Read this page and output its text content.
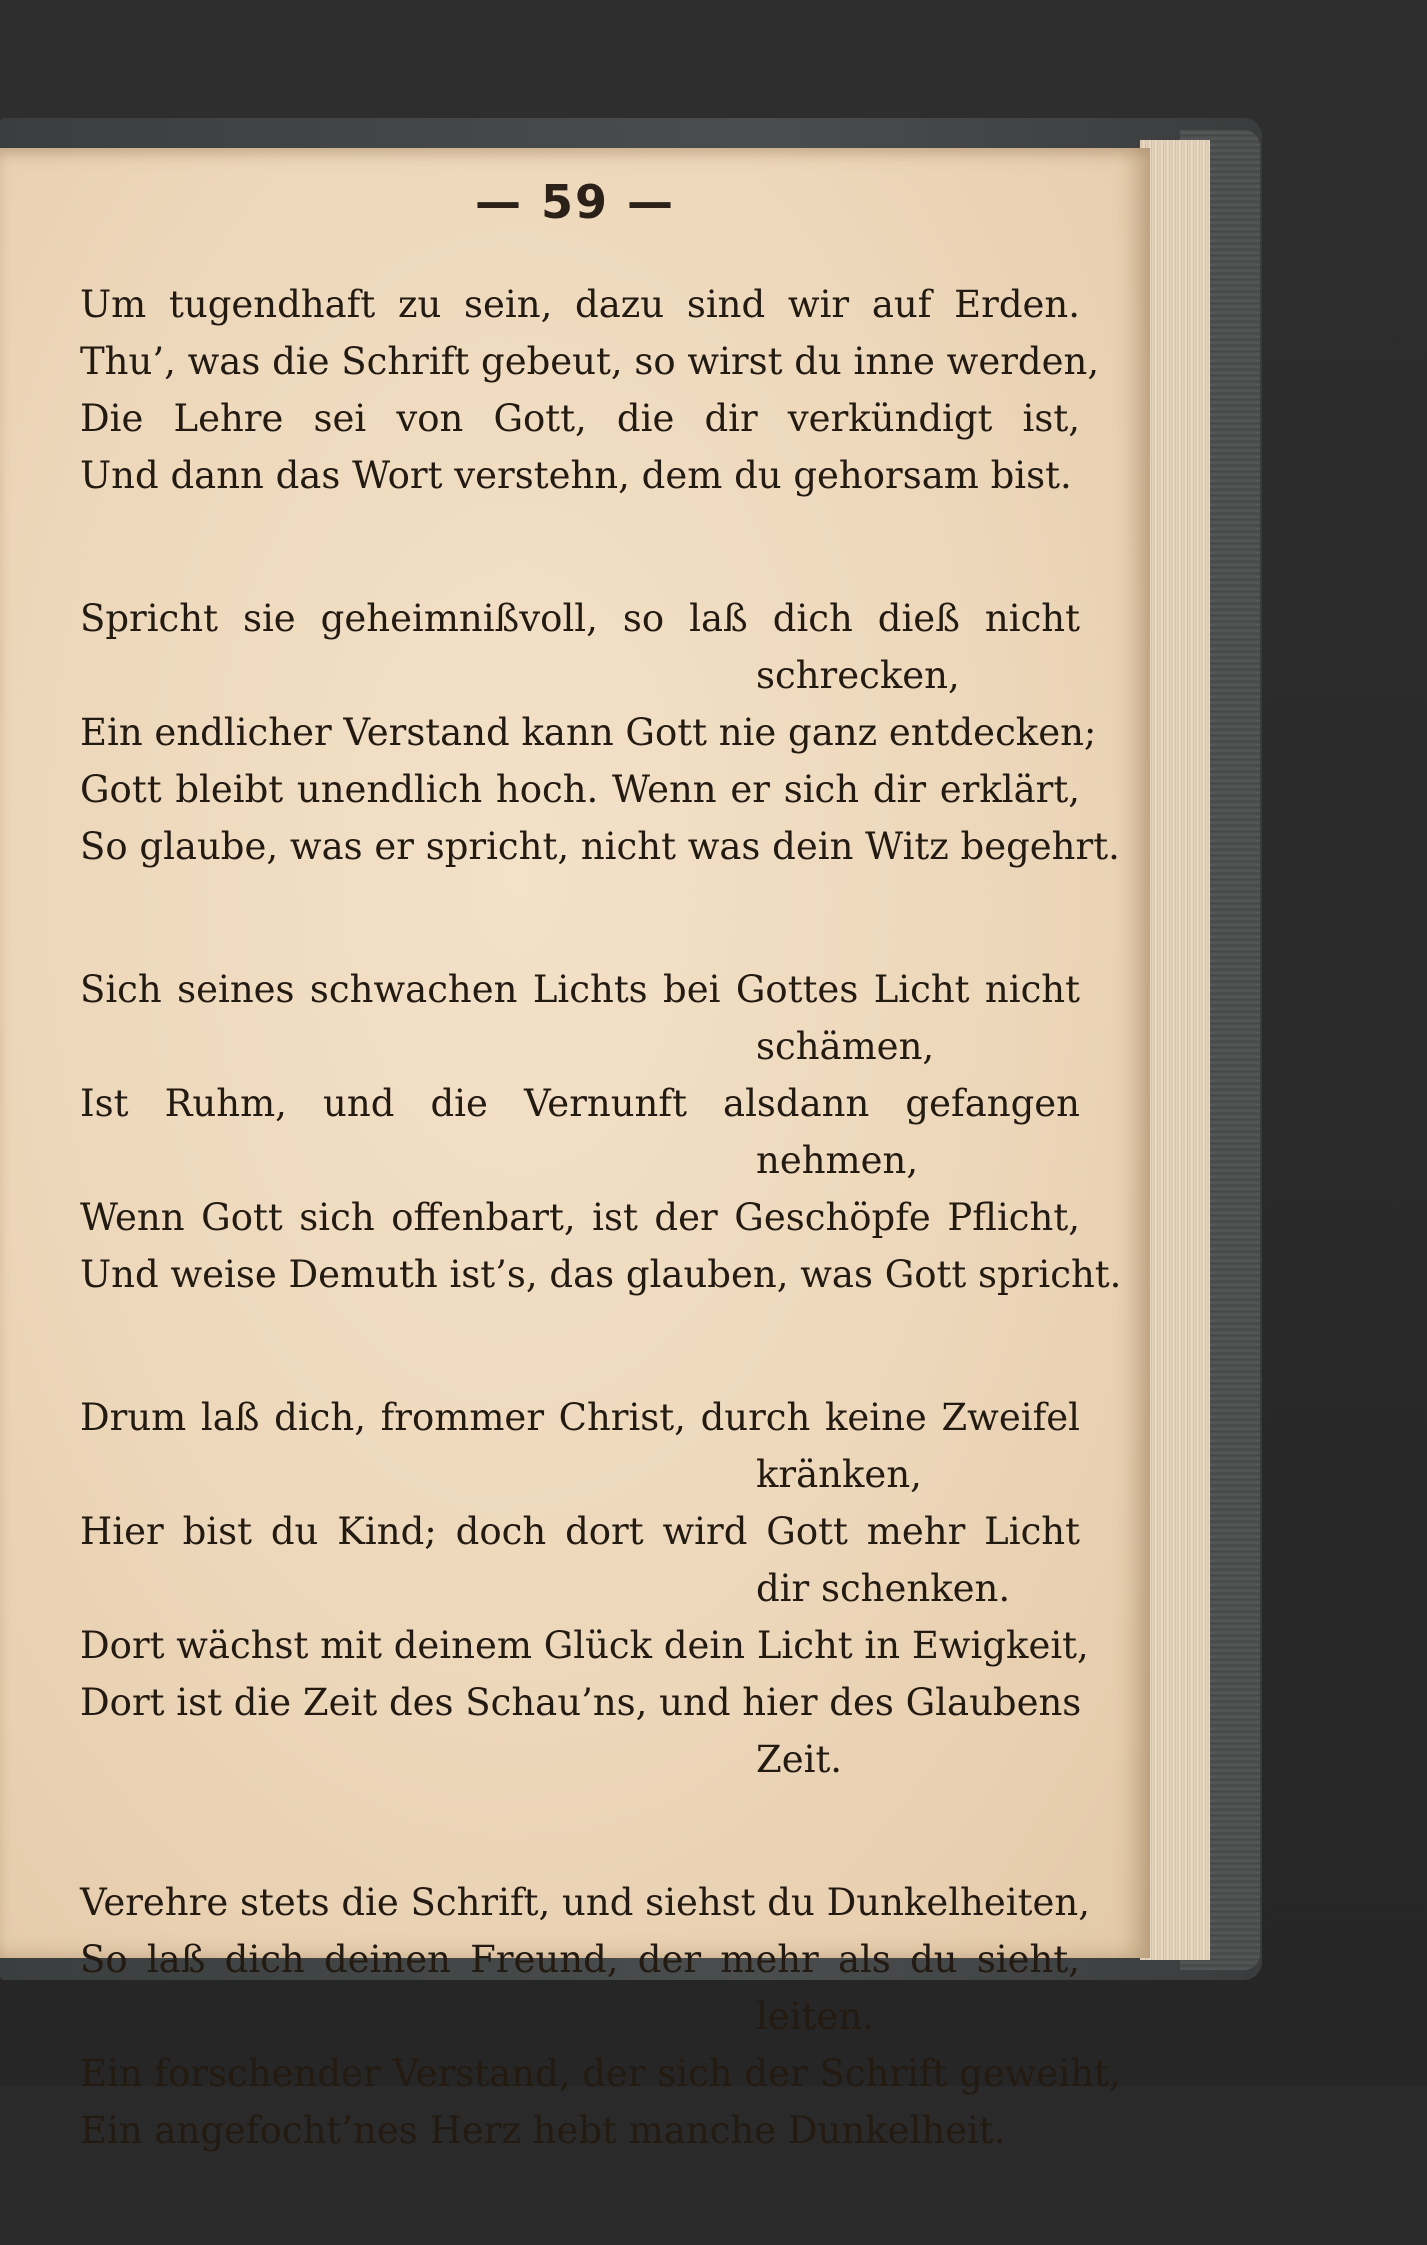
— 59 —
Um tugendhaft zu sein, dazu sind wir auf Erden.
Thu’, was die Schrift gebeut, so wirst du inne werden,
Die Lehre sei von Gott, die dir verkündigt ist,
Und dann das Wort verstehn, dem du gehorsam bist.
Spricht sie geheimnißvoll, so laß dich dieß nicht
schrecken,
Ein endlicher Verstand kann Gott nie ganz entdecken;
Gott bleibt unendlich hoch. Wenn er sich dir erklärt,
So glaube, was er spricht, nicht was dein Witz begehrt.
Sich seines schwachen Lichts bei Gottes Licht nicht
schämen,
Ist Ruhm, und die Vernunft alsdann gefangen
nehmen,
Wenn Gott sich offenbart, ist der Geschöpfe Pflicht,
Und weise Demuth ist’s, das glauben, was Gott spricht.
Drum laß dich, frommer Christ, durch keine Zweifel
kränken,
Hier bist du Kind; doch dort wird Gott mehr Licht
dir schenken.
Dort wächst mit deinem Glück dein Licht in Ewigkeit,
Dort ist die Zeit des Schau’ns, und hier des Glaubens
Zeit.
Verehre stets die Schrift, und siehst du Dunkelheiten,
So laß dich deinen Freund, der mehr als du sieht,
leiten.
Ein forschender Verstand, der sich der Schrift geweiht,
Ein angefocht’nes Herz hebt manche Dunkelheit.
